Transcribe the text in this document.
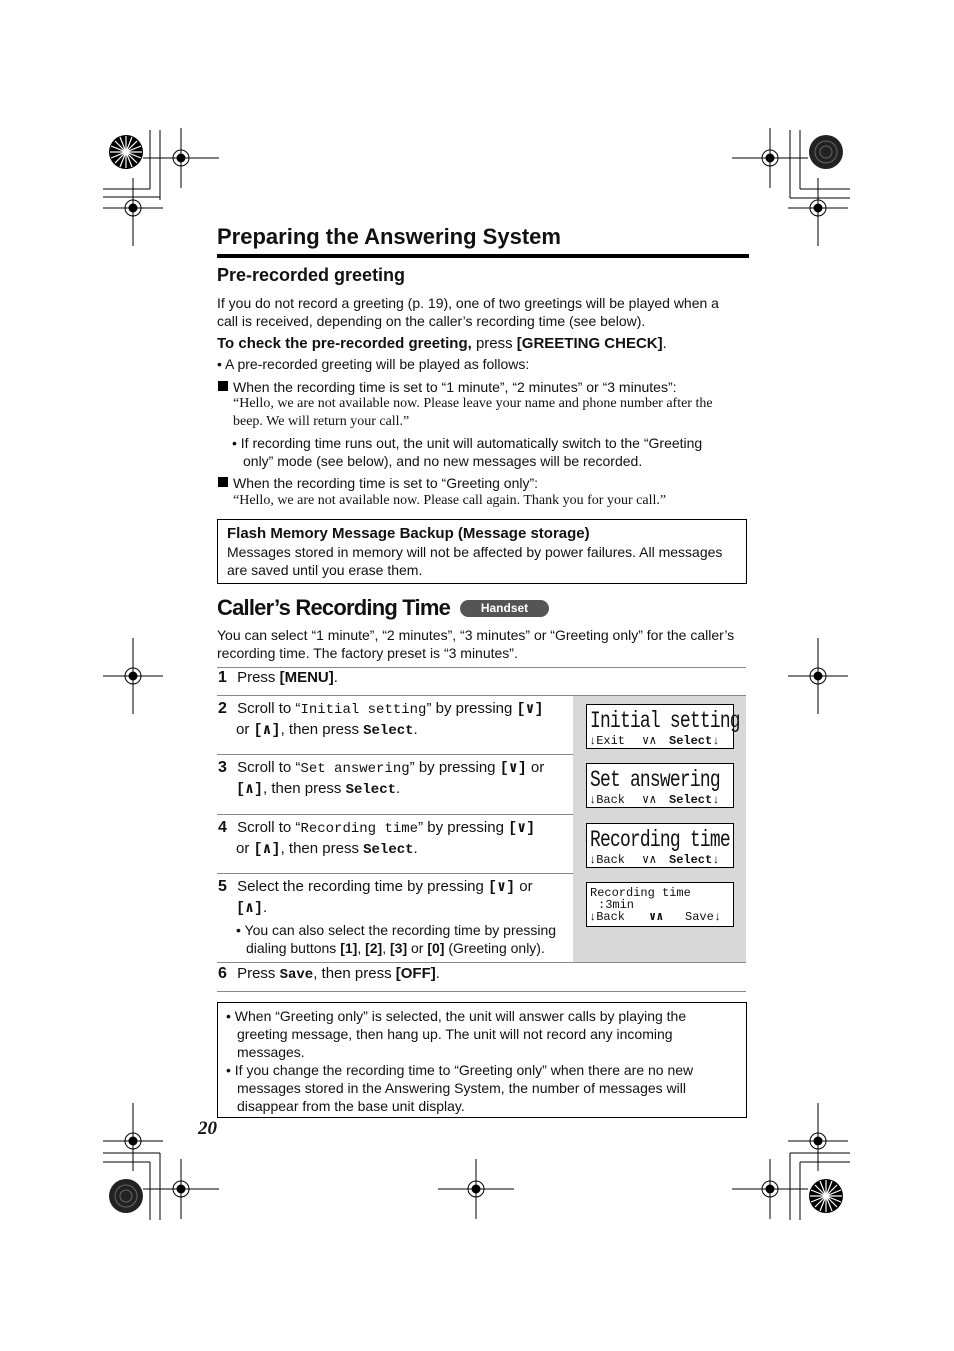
Preparing the Answering System
Pre-recorded greeting
If you do not record a greeting (p. 19), one of two greetings will be played when a
call is received, depending on the caller’s recording time (see below).
To check the pre-recorded greeting, press [GREETING CHECK].
• A pre-recorded greeting will be played as follows:
When the recording time is set to “1 minute”, “2 minutes” or “3 minutes”:
“Hello, we are not available now. Please leave your name and phone number after the
beep. We will return your call.”
• If recording time runs out, the unit will automatically switch to the “Greeting
only” mode (see below), and no new messages will be recorded.
When the recording time is set to “Greeting only”:
“Hello, we are not available now. Please call again. Thank you for your call.”
Flash Memory Message Backup (Message storage)
Messages stored in memory will not be affected by power failures. All messages
are saved until you erase them.
Caller’s Recording Time	Handset
You can select “1 minute”, “2 minutes”, “3 minutes” or “Greeting only” for the caller’s
recording time. The factory preset is “3 minutes”.
1 Press [MENU].
2 Scroll to “Initial setting” by pressing [∨]
or [∧], then press Select.
3 Scroll to “Set answering” by pressing [∨] or
[∧], then press Select.
4 Scroll to “Recording time” by pressing [∨]
or [∧], then press Select.
5 Select the recording time by pressing [∨] or
[∧].
• You can also select the recording time by pressing
dialing buttons [1], [2], [3] or [0] (Greeting only).
6 Press Save, then press [OFF].
Initial setting
↓Exit ∨∧ Select↓
Set answering
↓Back ∨∧ Select↓
Recording time
↓Back ∨∧ Select↓
Recording time
:3min
↓Back ∨∧ Save↓
• When “Greeting only” is selected, the unit will answer calls by playing the
greeting message, then hang up. The unit will not record any incoming
messages.
• If you change the recording time to “Greeting only” when there are no new
messages stored in the Answering System, the number of messages will
disappear from the base unit display.
20
